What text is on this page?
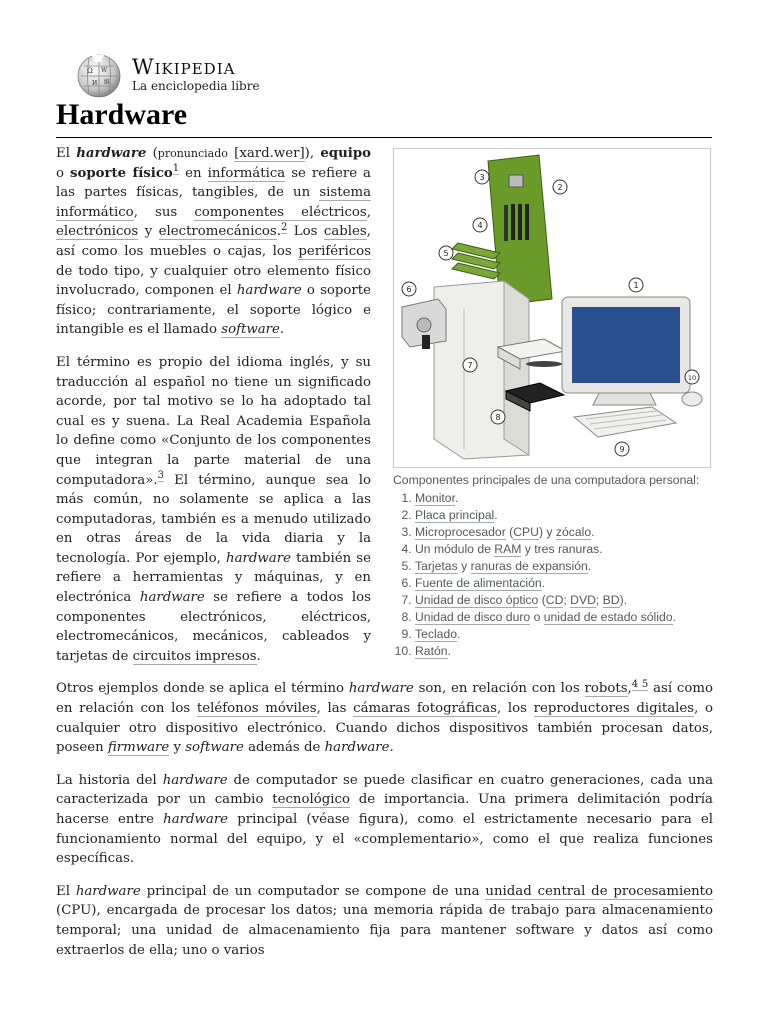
Ω W
И 維
Wikipedia
La enciclopedia libre
Hardware
3
2
4
5
1
6
7
10
8
9
Componentes principales de una computadora personal:
1. Monitor.
2. Placa principal.
3. Microprocesador (CPU) y zócalo.
4. Un módulo de RAM y tres ranuras.
5. Tarjetas y ranuras de expansión.
6. Fuente de alimentación.
7. Unidad de disco óptico (CD; DVD; BD).
8. Unidad de disco duro o unidad de estado sólido.
9. Teclado.
10. Ratón.

El hardware (pronunciado [xard.wer]), equipo o soporte físico$^1$ en informática se refiere a las partes físicas, tangibles, de un sistema informático, sus componentes eléctricos, electrónicos y electromecánicos.$^2$ Los cables, así como los muebles o cajas, los periféricos de todo tipo, y cualquier otro elemento físico involucrado, componen el hardware o soporte físico; contrariamente, el soporte lógico e intangible es el llamado software.

El término es propio del idioma inglés, y su traducción al español no tiene un significado acorde, por tal motivo se lo ha adoptado tal cual es y suena. La Real Academia Española lo define como «Conjunto de los componentes que integran la parte material de una computadora».$^3$ El término, aunque sea lo más común, no solamente se aplica a las computadoras, también es a menudo utilizado en otras áreas de la vida diaria y la tecnología. Por ejemplo, hardware también se refiere a herramientas y máquinas, y en electrónica hardware se refiere a todos los componentes electrónicos, eléctricos, electromecánicos, mecánicos, cableados y tarjetas de circuitos impresos.

Otros ejemplos donde se aplica el término hardware son, en relación con los robots,$^{4 5}$ así como en relación con los teléfonos móviles, las cámaras fotográficas, los reproductores digitales, o cualquier otro dispositivo electrónico. Cuando dichos dispositivos también procesan datos, poseen firmware y software además de hardware.

La historia del hardware de computador se puede clasificar en cuatro generaciones, cada una caracterizada por un cambio tecnológico de importancia. Una primera delimitación podría hacerse entre hardware principal (véase figura), como el estrictamente necesario para el funcionamiento normal del equipo, y el «complementario», como el que realiza funciones específicas.

El hardware principal de un computador se compone de una unidad central de procesamiento (CPU), encargada de procesar los datos; una memoria rápida de trabajo para almacenamiento temporal; una unidad de almacenamiento fija para mantener software y datos así como extraerlos de ella; uno o varios
